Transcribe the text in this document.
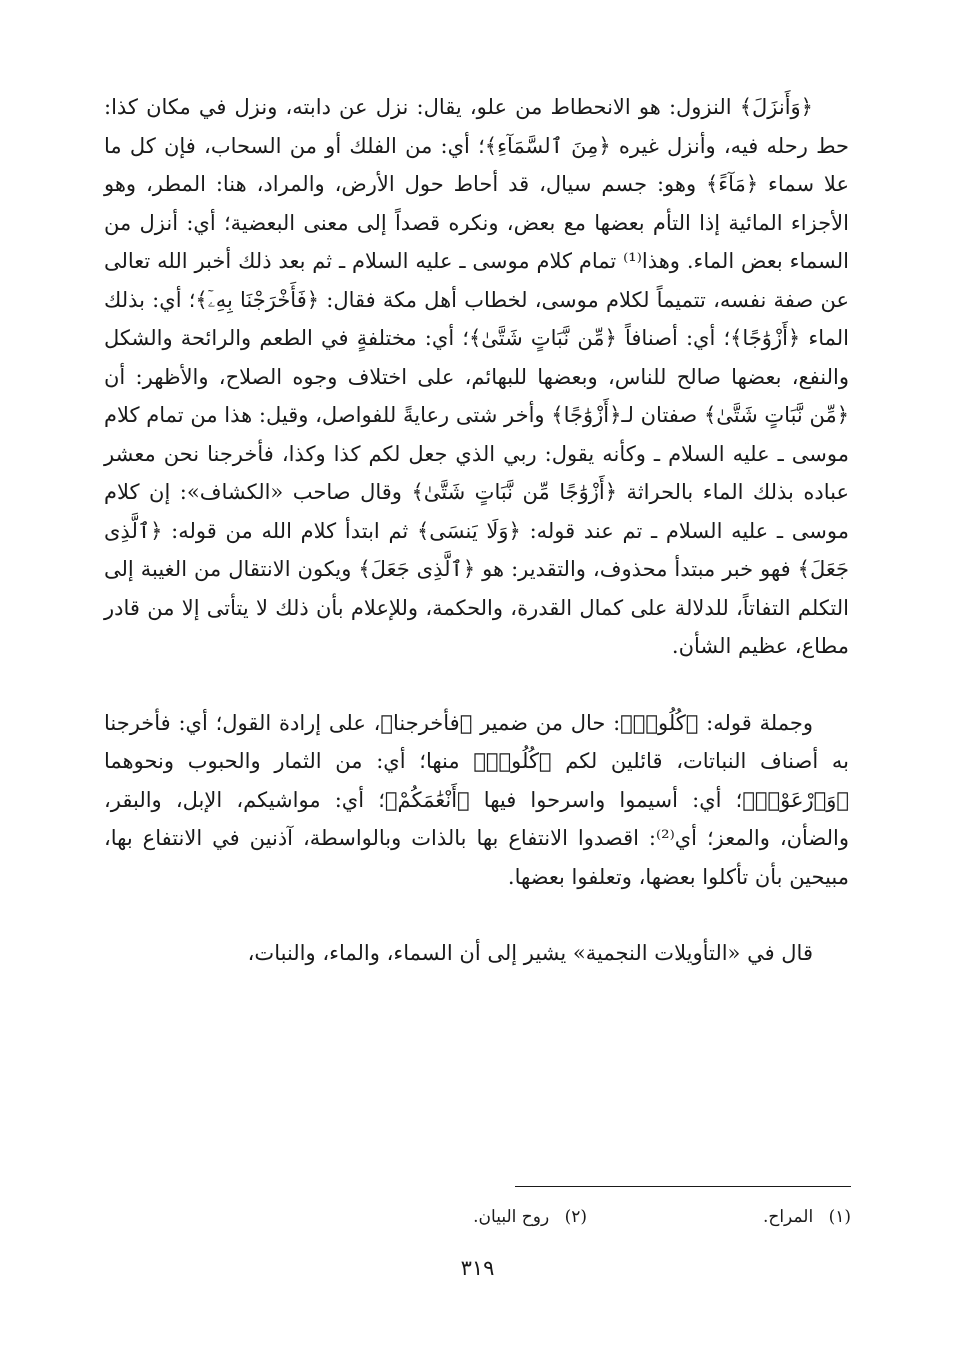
﴿وَأَنزَلَ﴾ النزول: هو الانحطاط من علو، يقال: نزل عن دابته، ونزل في مكان كذا: حط رحله فيه، وأنزل غيره ﴿مِنَ ٱلسَّمَآءِ﴾؛ أي: من الفلك أو من السحاب، فإن كل ما علا سماء ﴿مَآءً﴾ وهو: جسم سيال، قد أحاط حول الأرض، والمراد، هنا: المطر، وهو الأجزاء المائية إذا التأم بعضها مع بعض، ونكره قصداً إلى معنى البعضية؛ أي: أنزل من السماء بعض الماء. وهذا⁽¹⁾ تمام كلام موسى ـ عليه السلام ـ ثم بعد ذلك أخبر الله تعالى عن صفة نفسه، تتميماً لكلام موسى، لخطاب أهل مكة فقال: ﴿فَأَخْرَجْنَا بِهِۦٓ﴾؛ أي: بذلك الماء ﴿أَزْوَٰجًا﴾؛ أي: أصنافاً ﴿مِّن نَّبَاتٍ شَتَّىٰ﴾؛ أي: مختلفةٍ في الطعم والرائحة والشكل والنفع، بعضها صالح للناس، وبعضها للبهائم، على اختلاف وجوه الصلاح، والأظهر: أن ﴿مِّن نَّبَاتٍ شَتَّىٰ﴾ صفتان لـ﴿أَزْوَٰجًا﴾ وأخر شتى رعايةً للفواصل، وقيل: هذا من تمام كلام موسى ـ عليه السلام ـ وكأنه يقول: ربي الذي جعل لكم كذا وكذا، فأخرجنا نحن معشر عباده بذلك الماء بالحراثة ﴿أَزْوَٰجًا مِّن نَّبَاتٍ شَتَّىٰ﴾ وقال صاحب «الكشاف»: إن كلام موسى ـ عليه السلام ـ تم عند قوله: ﴿وَلَا يَنسَى﴾ ثم ابتدأ كلام الله من قوله: ﴿ٱلَّذِى جَعَلَ﴾ فهو خبر مبتدأ محذوف، والتقدير: هو ﴿ٱلَّذِى جَعَلَ﴾ ويكون الانتقال من الغيبة إلى التكلم التفاتاً، للدلالة على كمال القدرة، والحكمة، وللإعلام بأن ذلك لا يتأتى إلا من قادر مطاع، عظيم الشأن.

وجملة قوله: ﴿كُلُوا۟﴾: حال من ضمير ﴿فأخرجنا﴾، على إرادة القول؛ أي: فأخرجنا به أصناف النباتات، قائلين لكم ﴿كُلُوا۟﴾ منها؛ أي: من الثمار والحبوب ونحوهما ﴿وَٱرْعَوْا۟﴾؛ أي: أسيموا واسرحوا فيها ﴿أَنْعَٰمَكُمْ﴾؛ أي: مواشيكم، الإبل، والبقر، والضأن، والمعز؛ أي⁽²⁾: اقصدوا الانتفاع بها بالذات وبالواسطة، آذنين في الانتفاع بها، مبيحين بأن تأكلوا بعضها، وتعلفوا بعضها.

قال في «التأويلات النجمية» يشير إلى أن السماء، والماء، والنبات،

(١) المراح.
(٢) روح البيان.
٣١٩
